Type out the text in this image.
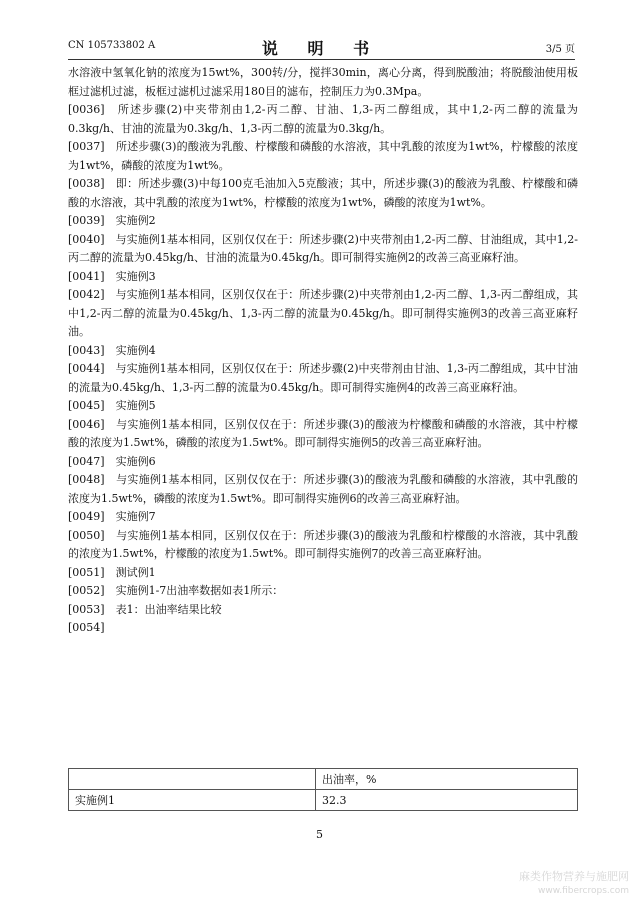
CN 105733802 A	说 明 书	3/5 页

水溶液中氢氧化钠的浓度为15wt%，300转/分，搅拌30min，离心分离，得到脱酸油；将脱酸油使用板框过滤机过滤，板框过滤机过滤采用180目的滤布，控制压力为0.3Mpa。

[0036]　所述步骤(2)中夹带剂由1,2-丙二醇、甘油、1,3-丙二醇组成，其中1,2-丙二醇的流量为0.3kg/h、甘油的流量为0.3kg/h、1,3-丙二醇的流量为0.3kg/h。

[0037]　所述步骤(3)的酸液为乳酸、柠檬酸和磷酸的水溶液，其中乳酸的浓度为1wt%，柠檬酸的浓度为1wt%，磷酸的浓度为1wt%。

[0038]　即：所述步骤(3)中每100克毛油加入5克酸液；其中，所述步骤(3)的酸液为乳酸、柠檬酸和磷酸的水溶液，其中乳酸的浓度为1wt%，柠檬酸的浓度为1wt%，磷酸的浓度为1wt%。

[0039]　实施例2

[0040]　与实施例1基本相同，区别仅仅在于：所述步骤(2)中夹带剂由1,2-丙二醇、甘油组成，其中1,2-丙二醇的流量为0.45kg/h、甘油的流量为0.45kg/h。即可制得实施例2的改善三高亚麻籽油。

[0041]　实施例3

[0042]　与实施例1基本相同，区别仅仅在于：所述步骤(2)中夹带剂由1,2-丙二醇、1,3-丙二醇组成，其中1,2-丙二醇的流量为0.45kg/h、1,3-丙二醇的流量为0.45kg/h。即可制得实施例3的改善三高亚麻籽油。

[0043]　实施例4

[0044]　与实施例1基本相同，区别仅仅在于：所述步骤(2)中夹带剂由甘油、1,3-丙二醇组成，其中甘油的流量为0.45kg/h、1,3-丙二醇的流量为0.45kg/h。即可制得实施例4的改善三高亚麻籽油。

[0045]　实施例5

[0046]　与实施例1基本相同，区别仅仅在于：所述步骤(3)的酸液为柠檬酸和磷酸的水溶液，其中柠檬酸的浓度为1.5wt%，磷酸的浓度为1.5wt%。即可制得实施例5的改善三高亚麻籽油。

[0047]　实施例6

[0048]　与实施例1基本相同，区别仅仅在于：所述步骤(3)的酸液为乳酸和磷酸的水溶液，其中乳酸的浓度为1.5wt%，磷酸的浓度为1.5wt%。即可制得实施例6的改善三高亚麻籽油。

[0049]　实施例7

[0050]　与实施例1基本相同，区别仅仅在于：所述步骤(3)的酸液为乳酸和柠檬酸的水溶液，其中乳酸的浓度为1.5wt%，柠檬酸的浓度为1.5wt%。即可制得实施例7的改善三高亚麻籽油。

[0051]　测试例1

[0052]　实施例1-7出油率数据如表1所示：

[0053]　表1：出油率结果比较

[0054]

	出油率，%
实施例1	32.3
5
麻类作物营养与施肥网
www.fibercrops.com
